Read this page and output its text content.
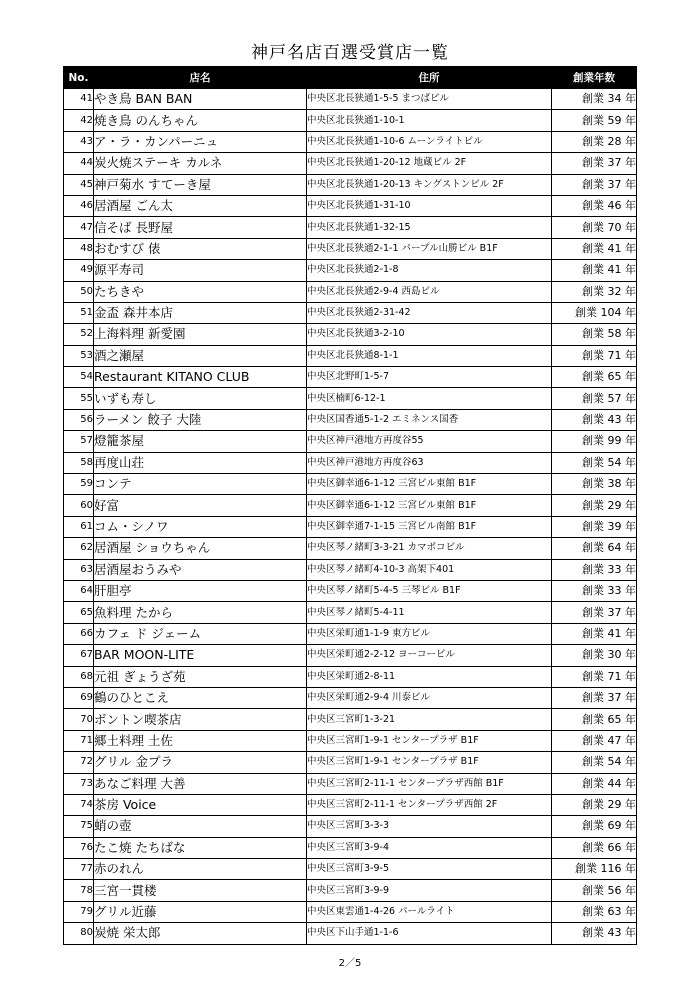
神戸名店百選受賞店一覧
No.	店名	住所	創業年数
41	やき鳥 BAN BAN	中央区北長狭通1-5-5 まつばビル	創業 34 年
42	焼き鳥 のんちゃん	中央区北長狭通1-10-1	創業 59 年
43	ア・ラ・カンパーニュ	中央区北長狭通1-10-6 ムーンライトビル	創業 28 年
44	炭火焼ステーキ カルネ	中央区北長狭通1-20-12 地蔵ビル 2F	創業 37 年
45	神戸菊水 すてーき屋	中央区北長狭通1-20-13 キングストンビル 2F	創業 37 年
46	居酒屋 ごん太	中央区北長狭通1-31-10	創業 46 年
47	信そば 長野屋	中央区北長狭通1-32-15	創業 70 年
48	おむすび 俵	中央区北長狭通2-1-1 パープル山勝ビル B1F	創業 41 年
49	源平寿司	中央区北長狭通2-1-8	創業 41 年
50	たちきや	中央区北長狭通2-9-4 西島ビル	創業 32 年
51	金盃 森井本店	中央区北長狭通2-31-42	創業 104 年
52	上海料理 新愛園	中央区北長狭通3-2-10	創業 58 年
53	酒之瀬屋	中央区北長狭通8-1-1	創業 71 年
54	Restaurant KITANO CLUB	中央区北野町1-5-7	創業 65 年
55	いずも寿し	中央区楠町6-12-1	創業 57 年
56	ラーメン 餃子 大陸	中央区国香通5-1-2 エミネンス国香	創業 43 年
57	燈籠茶屋	中央区神戸港地方再度谷55	創業 99 年
58	再度山荘	中央区神戸港地方再度谷63	創業 54 年
59	コンテ	中央区御幸通6-1-12 三宮ビル東館 B1F	創業 38 年
60	好富	中央区御幸通6-1-12 三宮ビル東館 B1F	創業 29 年
61	コム・シノワ	中央区御幸通7-1-15 三宮ビル南館 B1F	創業 39 年
62	居酒屋 ショウちゃん	中央区琴ノ緒町3-3-21 カマボコビル	創業 64 年
63	居酒屋おうみや	中央区琴ノ緒町4-10-3 高架下401	創業 33 年
64	肝胆亭	中央区琴ノ緒町5-4-5 三琴ビル B1F	創業 33 年
65	魚料理 たから	中央区琴ノ緒町5-4-11	創業 37 年
66	カフェ ド ジェーム	中央区栄町通1-1-9 東方ビル	創業 41 年
67	BAR MOON-LITE	中央区栄町通2-2-12 ヨーコービル	創業 30 年
68	元祖 ぎょうざ苑	中央区栄町通2-8-11	創業 71 年
69	鶴のひとこえ	中央区栄町通2-9-4 川泰ビル	創業 37 年
70	ボントン喫茶店	中央区三宮町1-3-21	創業 65 年
71	郷土料理 土佐	中央区三宮町1-9-1 センタープラザ B1F	創業 47 年
72	グリル 金プラ	中央区三宮町1-9-1 センタープラザ B1F	創業 54 年
73	あなご料理 大善	中央区三宮町2-11-1 センタープラザ西館 B1F	創業 44 年
74	茶房 Voice	中央区三宮町2-11-1 センタープラザ西館 2F	創業 29 年
75	蛸の壺	中央区三宮町3-3-3	創業 69 年
76	たこ焼 たちばな	中央区三宮町3-9-4	創業 66 年
77	赤のれん	中央区三宮町3-9-5	創業 116 年
78	三宮一貫楼	中央区三宮町3-9-9	創業 56 年
79	グリル近藤	中央区東雲通1-4-26 パールライト	創業 63 年
80	炭焼 栄太郎	中央区下山手通1-1-6	創業 43 年
2／5
